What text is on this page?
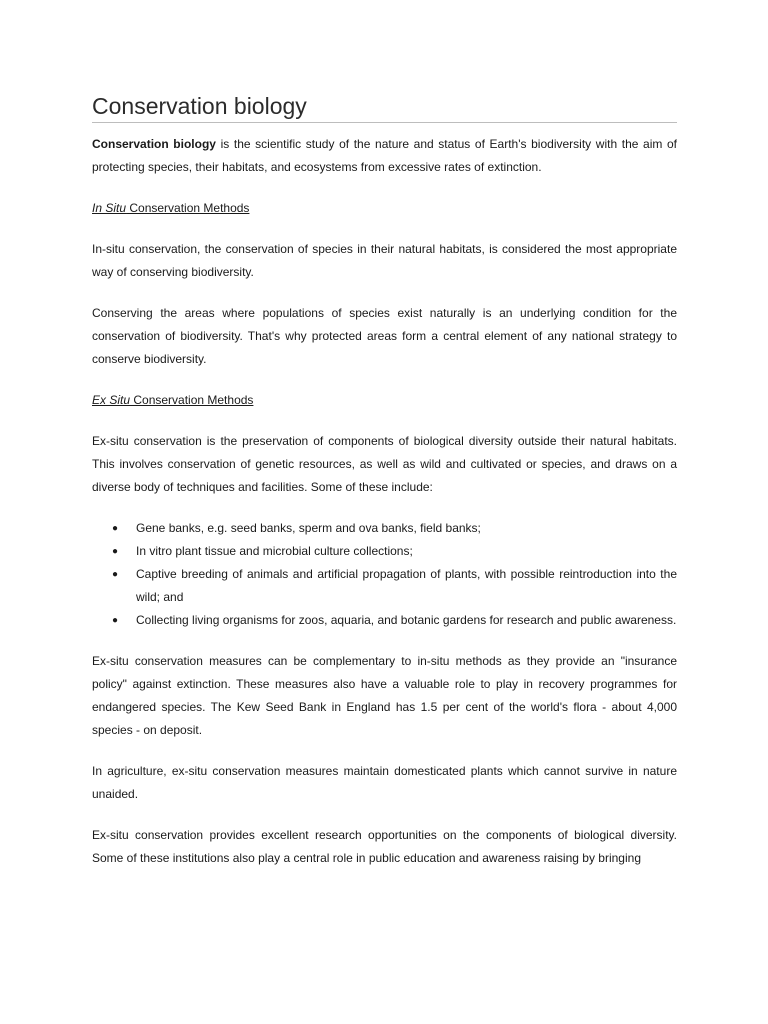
Conservation biology

Conservation biology is the scientific study of the nature and status of Earth's biodiversity with the aim of protecting species, their habitats, and ecosystems from excessive rates of extinction.

In Situ Conservation Methods

In-situ conservation, the conservation of species in their natural habitats, is considered the most appropriate way of conserving biodiversity.

Conserving the areas where populations of species exist naturally is an underlying condition for the conservation of biodiversity. That's why protected areas form a central element of any national strategy to conserve biodiversity.

Ex Situ Conservation Methods

Ex-situ conservation is the preservation of components of biological diversity outside their natural habitats. This involves conservation of genetic resources, as well as wild and cultivated or species, and draws on a diverse body of techniques and facilities. Some of these include:

● Gene banks, e.g. seed banks, sperm and ova banks, field banks;
● In vitro plant tissue and microbial culture collections;
● Captive breeding of animals and artificial propagation of plants, with possible reintroduction into the wild; and
● Collecting living organisms for zoos, aquaria, and botanic gardens for research and public awareness.

Ex-situ conservation measures can be complementary to in-situ methods as they provide an "insurance policy" against extinction. These measures also have a valuable role to play in recovery programmes for endangered species. The Kew Seed Bank in England has 1.5 per cent of the world's flora - about 4,000 species - on deposit.

In agriculture, ex-situ conservation measures maintain domesticated plants which cannot survive in nature unaided.

Ex-situ conservation provides excellent research opportunities on the components of biological diversity. Some of these institutions also play a central role in public education and awareness raising by bringing
